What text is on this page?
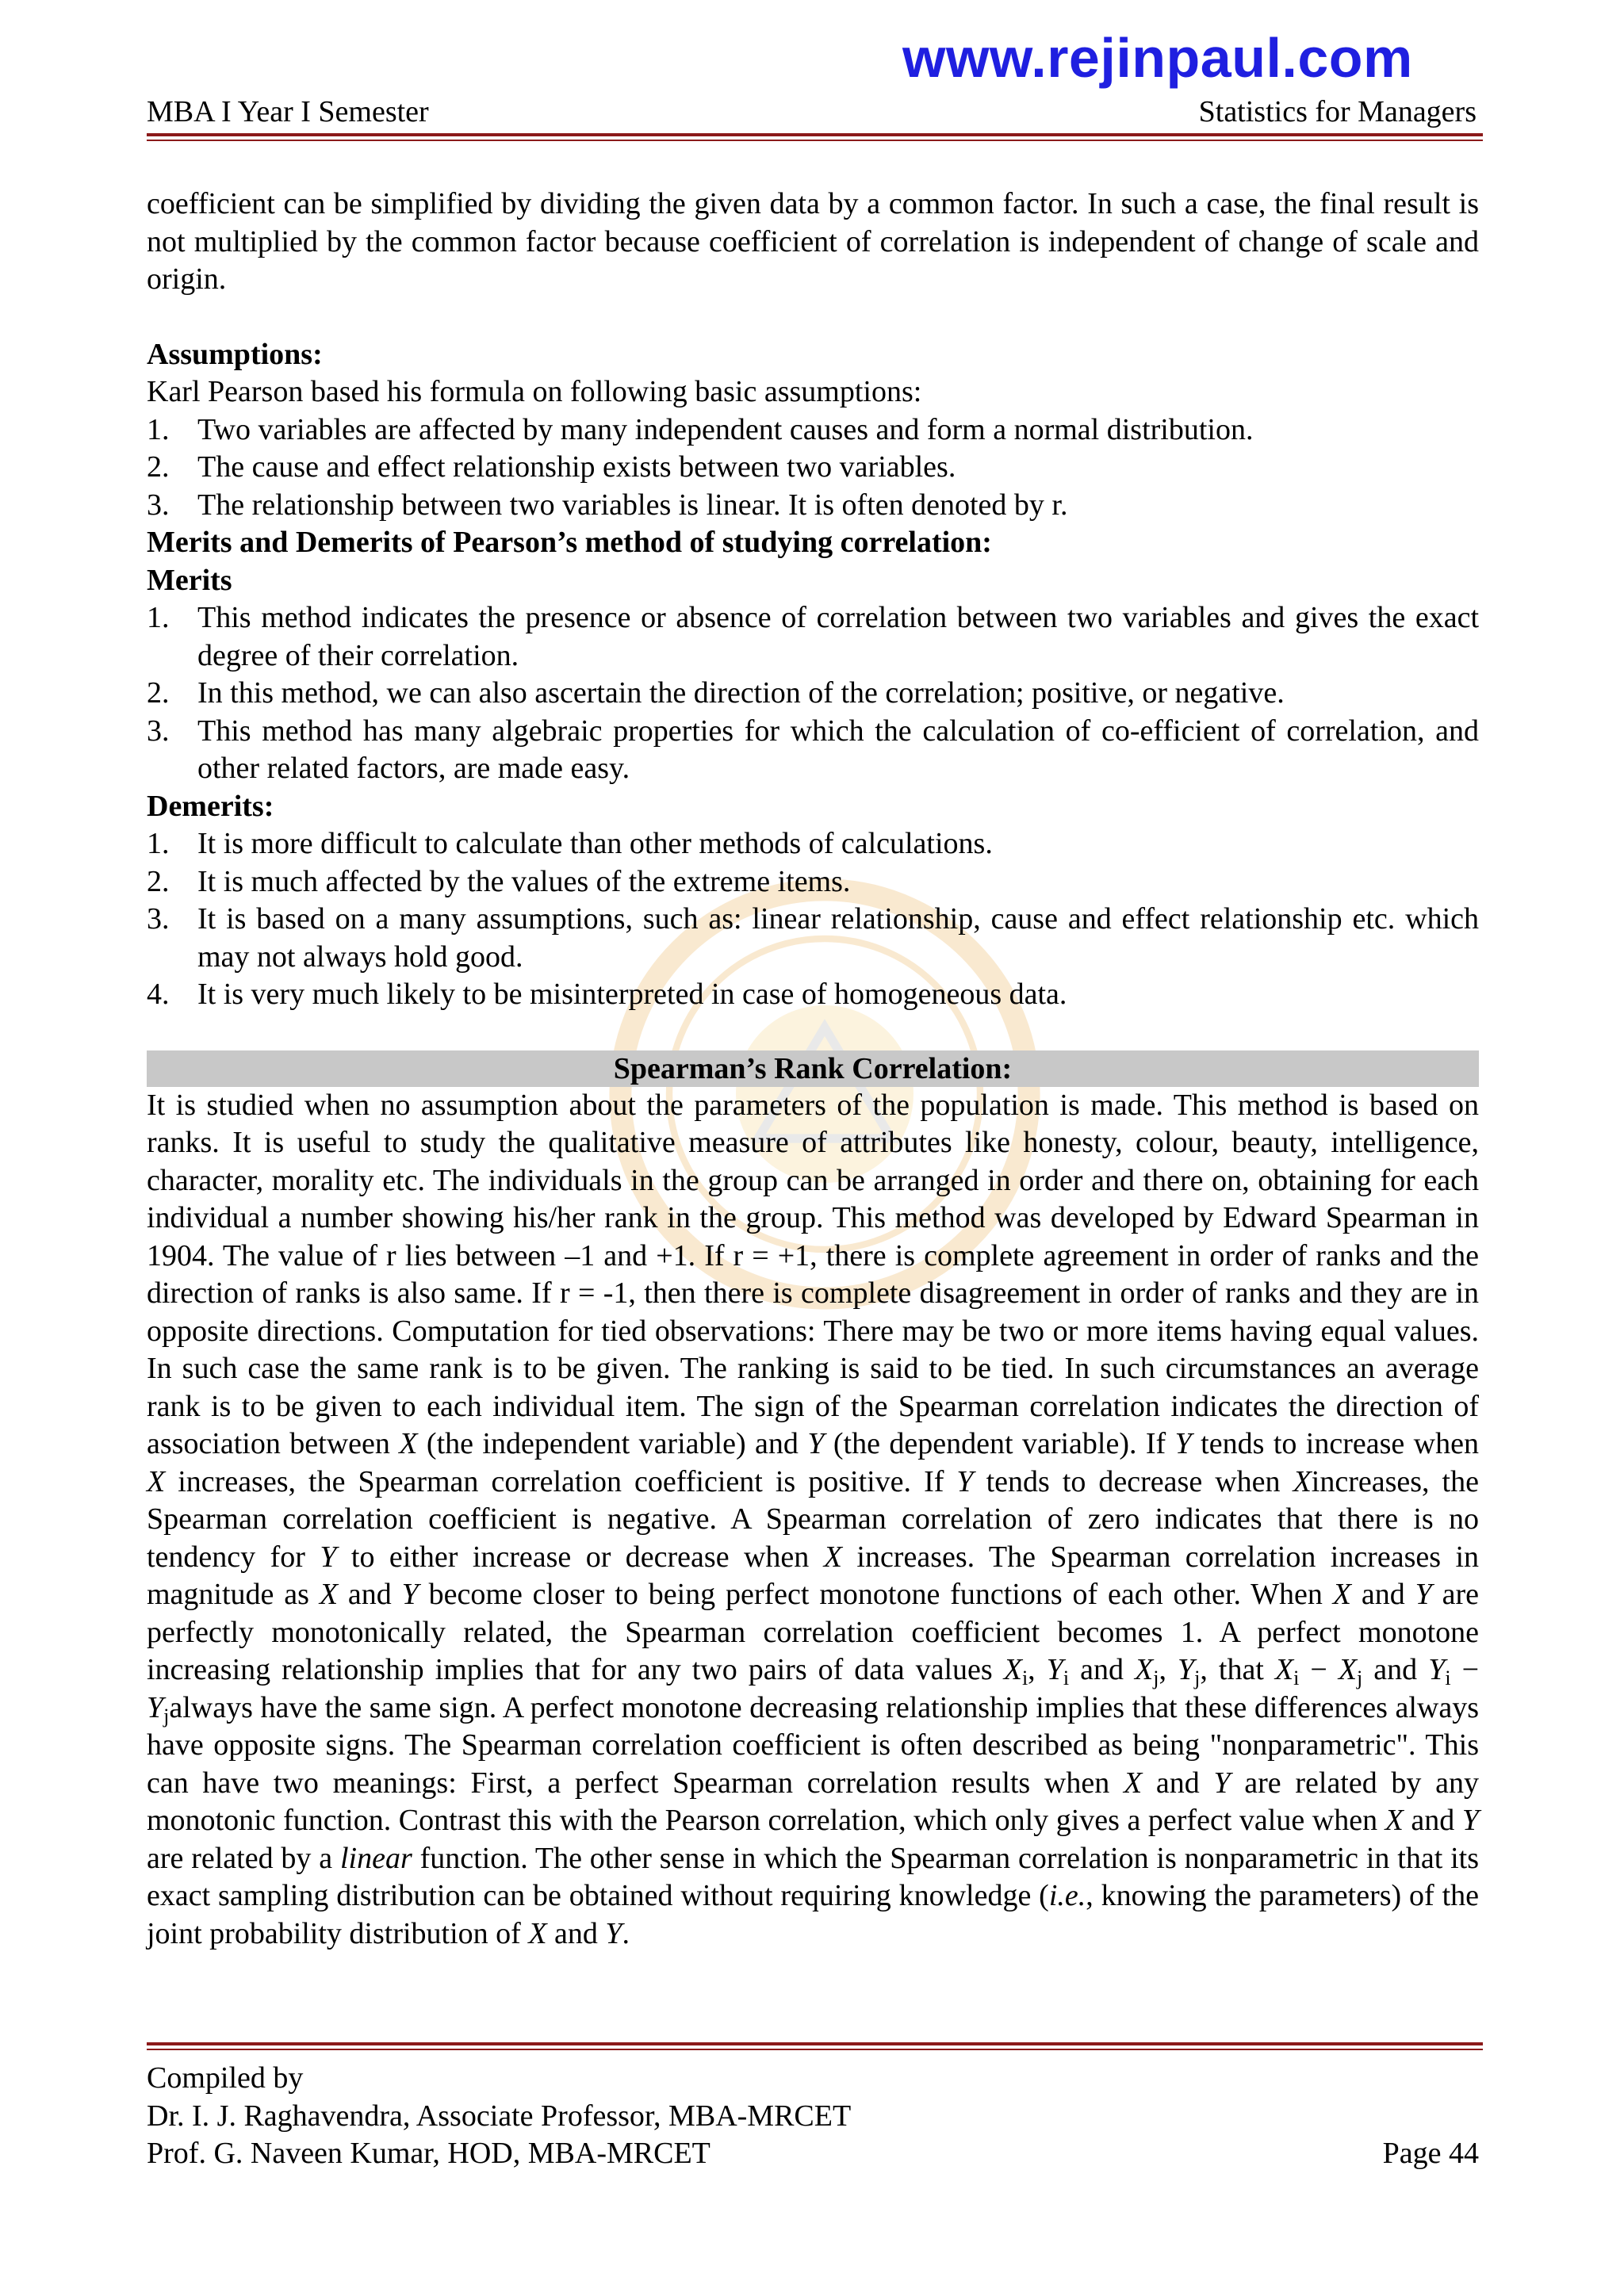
www.rejinpaul.com
MBA I Year I Semester	Statistics for Managers

coefficient can be simplified by dividing the given data by a common factor. In such a case, the final result is not multiplied by the common factor because coefficient of correlation is independent of change of scale and origin.

Assumptions:
Karl Pearson based his formula on following basic assumptions:
1. Two variables are affected by many independent causes and form a normal distribution.
2. The cause and effect relationship exists between two variables.
3. The relationship between two variables is linear. It is often denoted by r.
Merits and Demerits of Pearson’s method of studying correlation:
Merits
1. This method indicates the presence or absence of correlation between two variables and gives the exact degree of their correlation.
2. In this method, we can also ascertain the direction of the correlation; positive, or negative.
3. This method has many algebraic properties for which the calculation of co-efficient of correlation, and other related factors, are made easy.
Demerits:
1. It is more difficult to calculate than other methods of calculations.
2. It is much affected by the values of the extreme items.
3. It is based on a many assumptions, such as: linear relationship, cause and effect relationship etc. which may not always hold good.
4. It is very much likely to be misinterpreted in case of homogeneous data.
Spearman’s Rank Correlation:

It is studied when no assumption about the parameters of the population is made. This method is based on ranks. It is useful to study the qualitative measure of attributes like honesty, colour, beauty, intelligence, character, morality etc. The individuals in the group can be arranged in order and there on, obtaining for each individual a number showing his/her rank in the group. This method was developed by Edward Spearman in 1904. The value of r lies between –1 and +1. If r = +1, there is complete agreement in order of ranks and the direction of ranks is also same. If r = -1, then there is complete disagreement in order of ranks and they are in opposite directions. Computation for tied observations: There may be two or more items having equal values. In such case the same rank is to be given. The ranking is said to be tied. In such circumstances an average rank is to be given to each individual item. The sign of the Spearman correlation indicates the direction of association between X (the independent variable) and Y (the dependent variable). If Y tends to increase when X increases, the Spearman correlation coefficient is positive. If Y tends to decrease when Xincreases, the Spearman correlation coefficient is negative. A Spearman correlation of zero indicates that there is no tendency for Y to either increase or decrease when X increases. The Spearman correlation increases in magnitude as X and Y become closer to being perfect monotone functions of each other. When X and Y are perfectly monotonically related, the Spearman correlation coefficient becomes 1. A perfect monotone increasing relationship implies that for any two pairs of data values $X_i$, $Y_i$ and $X_j$, $Y_j$, that $X_i - X_j$ and $Y_i$ − $Y_jalways$ have the same sign. A perfect monotone decreasing relationship implies that these differences always have opposite signs. The Spearman correlation coefficient is often described as being "nonparametric". This can have two meanings: First, a perfect Spearman correlation results when X and Y are related by any monotonic function. Contrast this with the Pearson correlation, which only gives a perfect value when X and Y are related by a linear function. The other sense in which the Spearman correlation is nonparametric in that its exact sampling distribution can be obtained without requiring knowledge (i.e., knowing the parameters) of the joint probability distribution of X and Y.

Compiled by
Dr. I. J. Raghavendra, Associate Professor, MBA-MRCET
Prof. G. Naveen Kumar, HOD, MBA-MRCET	Page 44
